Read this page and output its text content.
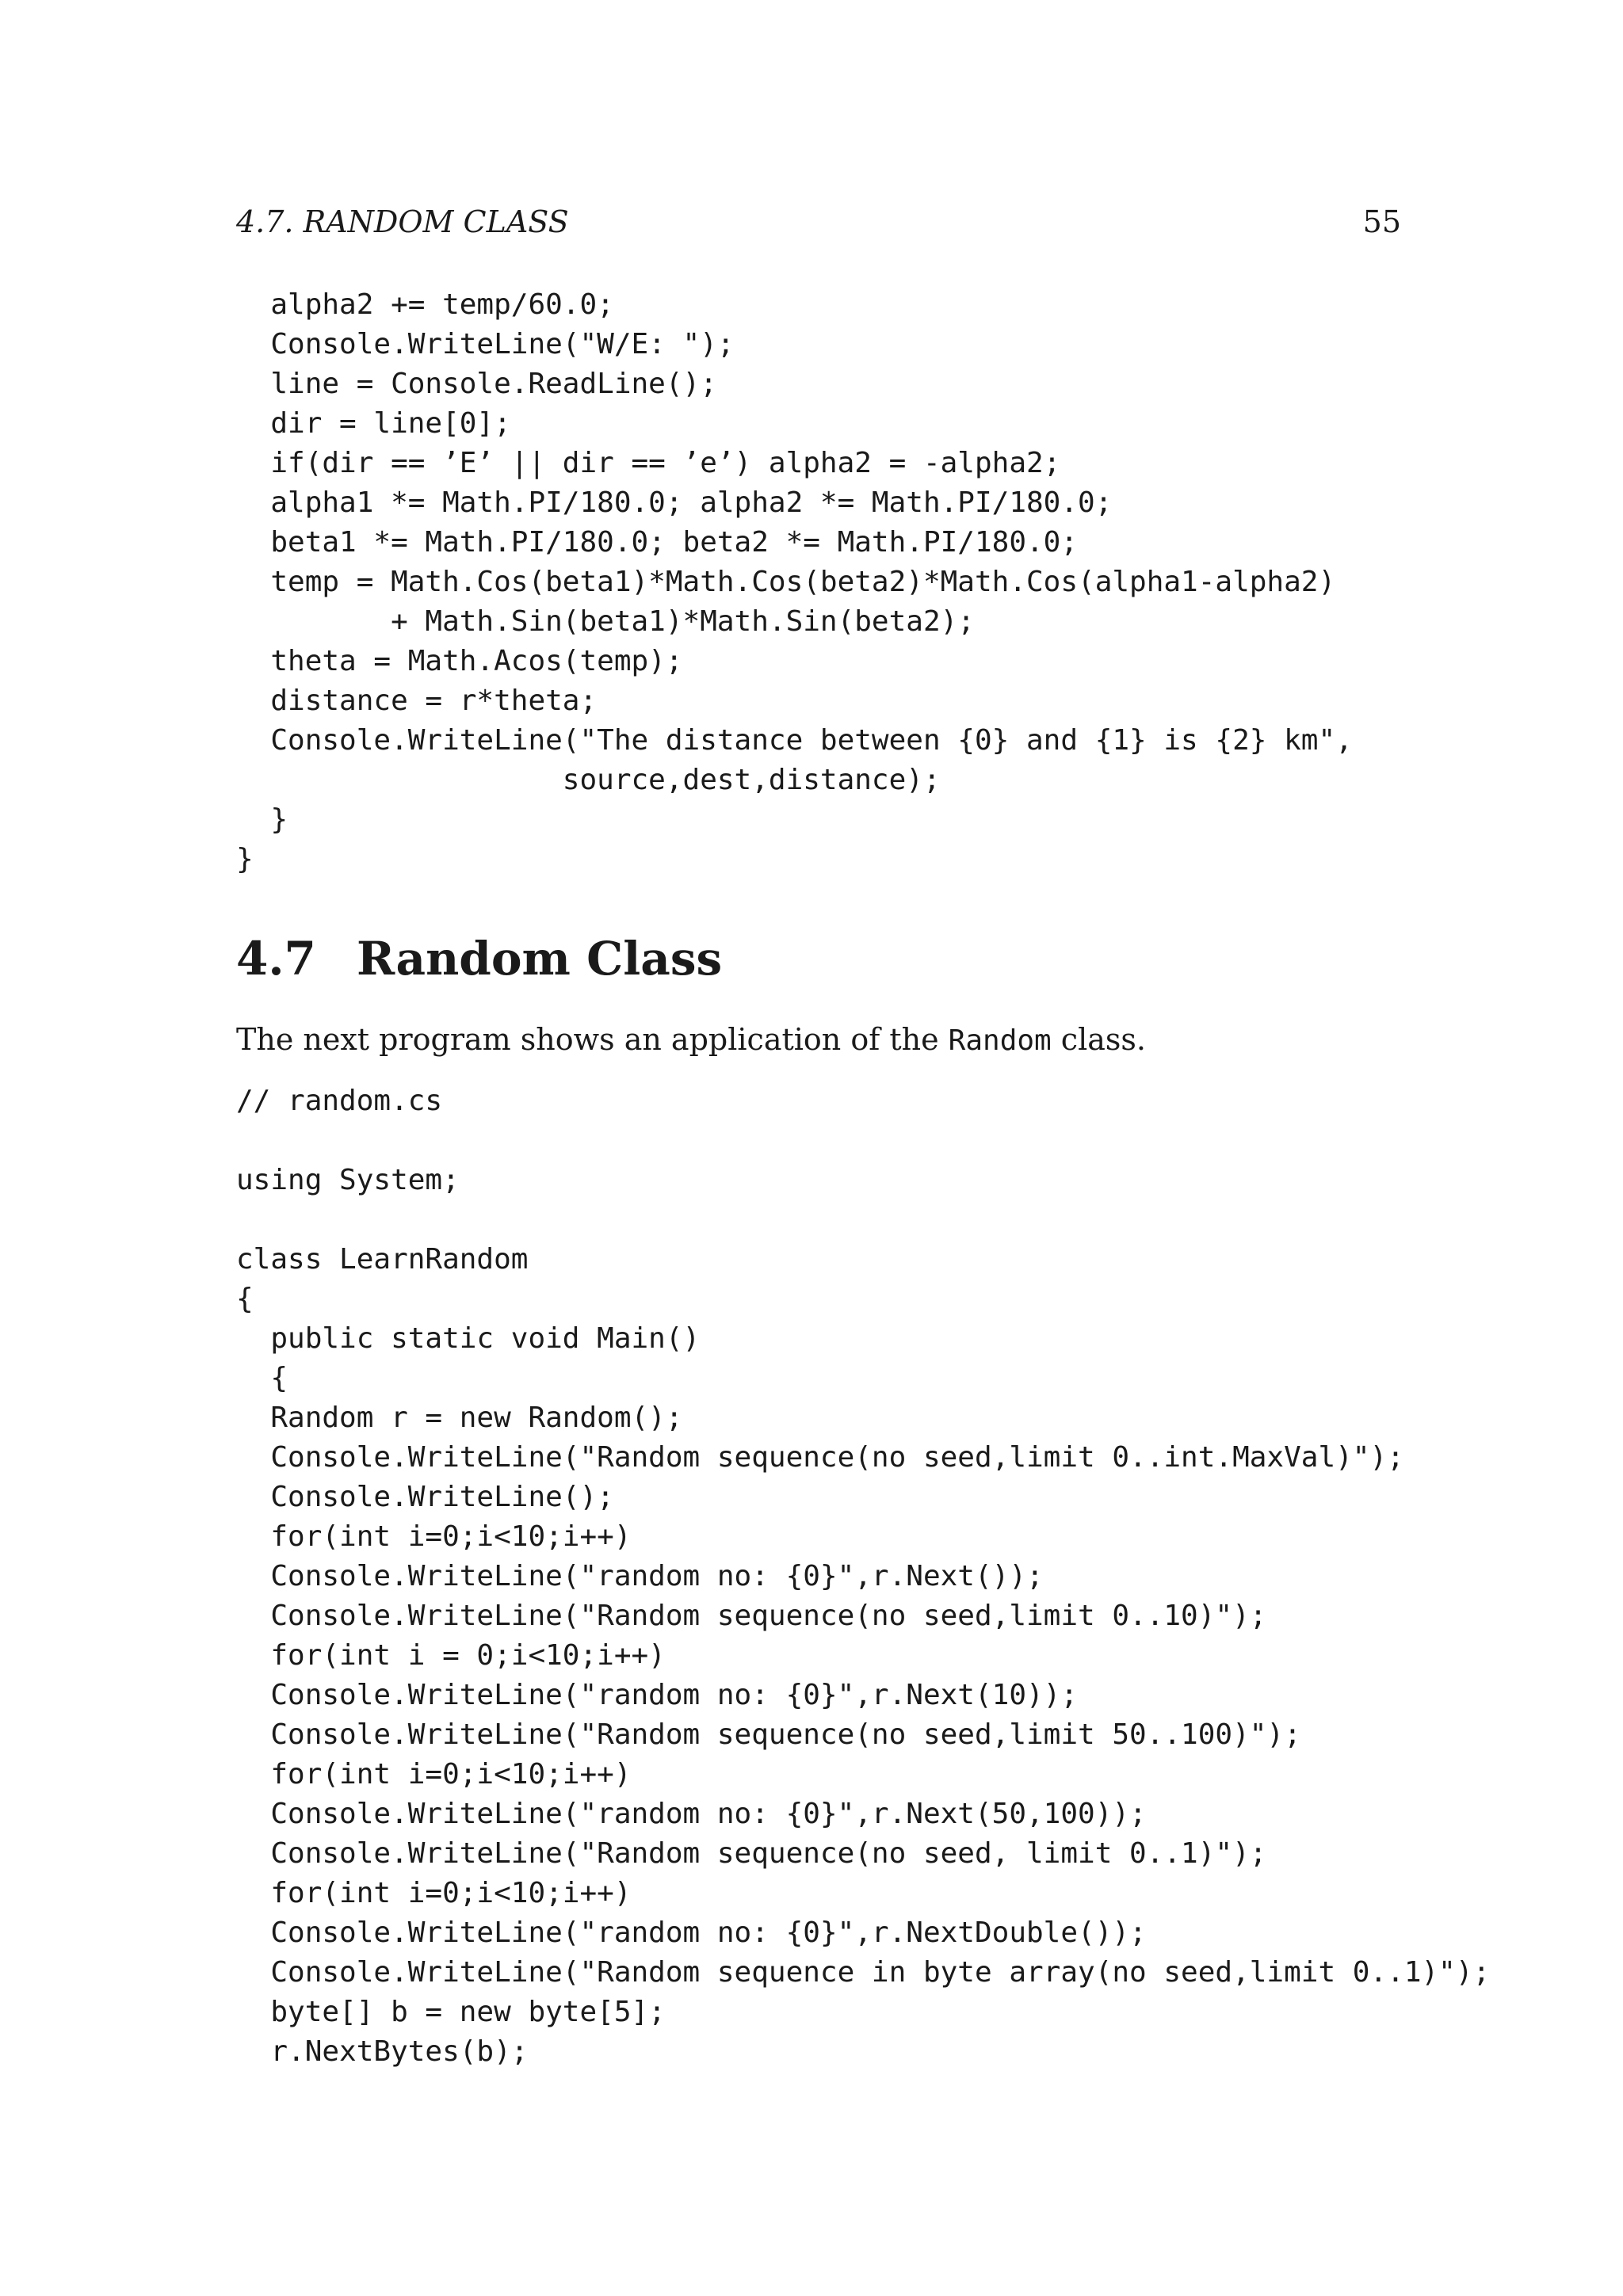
4.7. RANDOM CLASS	55
alpha2 += temp/60.0;
Console.WriteLine("W/E: ");
line = Console.ReadLine();
dir = line[0];
if(dir == ’E’ || dir == ’e’) alpha2 = -alpha2;
alpha1 *= Math.PI/180.0; alpha2 *= Math.PI/180.0;
beta1 *= Math.PI/180.0; beta2 *= Math.PI/180.0;
temp = Math.Cos(beta1)*Math.Cos(beta2)*Math.Cos(alpha1-alpha2)
+ Math.Sin(beta1)*Math.Sin(beta2);
theta = Math.Acos(temp);
distance = r*theta;
Console.WriteLine("The distance between {0} and {1} is {2} km",
source,dest,distance);
}
}
4.7 Random Class

The next program shows an application of the Random class.

// random.cs
using System;
class LearnRandom
{
public static void Main()
{
Random r = new Random();
Console.WriteLine("Random sequence(no seed,limit 0..int.MaxVal)");
Console.WriteLine();
for(int i=0;i<10;i++)
Console.WriteLine("random no: {0}",r.Next());
Console.WriteLine("Random sequence(no seed,limit 0..10)");
for(int i = 0;i<10;i++)
Console.WriteLine("random no: {0}",r.Next(10));
Console.WriteLine("Random sequence(no seed,limit 50..100)");
for(int i=0;i<10;i++)
Console.WriteLine("random no: {0}",r.Next(50,100));
Console.WriteLine("Random sequence(no seed, limit 0..1)");
for(int i=0;i<10;i++)
Console.WriteLine("random no: {0}",r.NextDouble());
Console.WriteLine("Random sequence in byte array(no seed,limit 0..1)");
byte[] b = new byte[5];
r.NextBytes(b);
